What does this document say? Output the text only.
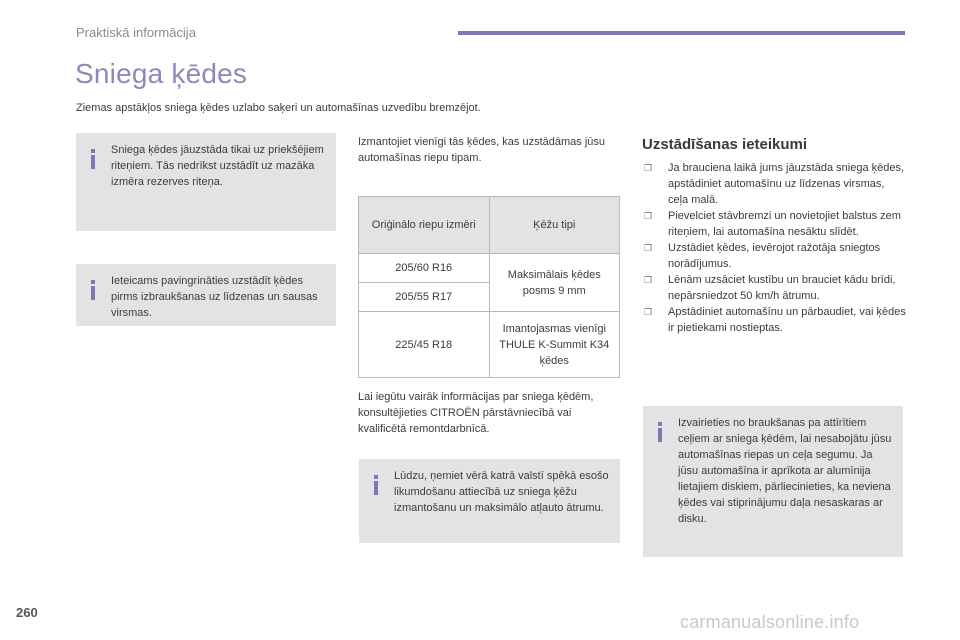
Praktiskā informācija
Sniega ķēdes
Ziemas apstākļos sniega ķēdes uzlabo saķeri un automašīnas uzvedību bremzējot.
Sniega ķēdes jāuzstāda tikai uz priekšējiem riteņiem. Tās nedrīkst uzstādīt uz mazāka izmēra rezerves riteņa.
Ieteicams pavingrināties uzstādīt ķēdes pirms izbraukšanas uz līdzenas un sausas virsmas.
Izmantojiet vienīgi tās ķēdes, kas uzstādāmas jūsu automašīnas riepu tipam.
Oriģinālo riepu izmēri	Ķēžu tipi
205/60 R16	Maksimālais ķēdes posms 9 mm
205/55 R17	
225/45 R18	Imantojasmas vienīgi THULE K-Summit K34 ķēdes
Lai iegūtu vairāk informācijas par sniega ķēdēm, konsultējieties CITROËN pārstāvniecībā vai kvalificētā remontdarbnīcā.
Lūdzu, ņemiet vērā katrā valstī spēkā esošo likumdošanu attiecībā uz sniega ķēžu izmantošanu un maksimālo atļauto ātrumu.
Uzstādīšanas ieteikumi
❐ Ja brauciena laikā jums jāuzstāda sniega ķēdes, apstādiniet automašīnu uz līdzenas virsmas, ceļa malā.
❐ Pievelciet stāvbremzi un novietojiet balstus zem riteņiem, lai automašīna nesāktu slīdēt.
❐ Uzstādiet ķēdes, ievērojot ražotāja sniegtos norādījumus.
❐ Lēnām uzsāciet kustību un brauciet kādu brīdi, nepārsniedzot 50 km/h ātrumu.
❐ Apstādiniet automašīnu un pārbaudiet, vai ķēdes ir pietiekami nostieptas.
Izvairieties no braukšanas pa attīrītiem ceļiem ar sniega ķēdēm, lai nesabojātu jūsu automašīnas riepas un ceļa segumu. Ja jūsu automašīna ir aprīkota ar alumīnija lietajiem diskiem, pārliecinieties, ka neviena ķēdes vai stiprinājumu daļa nesaskaras ar disku.
260	carmanualsonline.info
